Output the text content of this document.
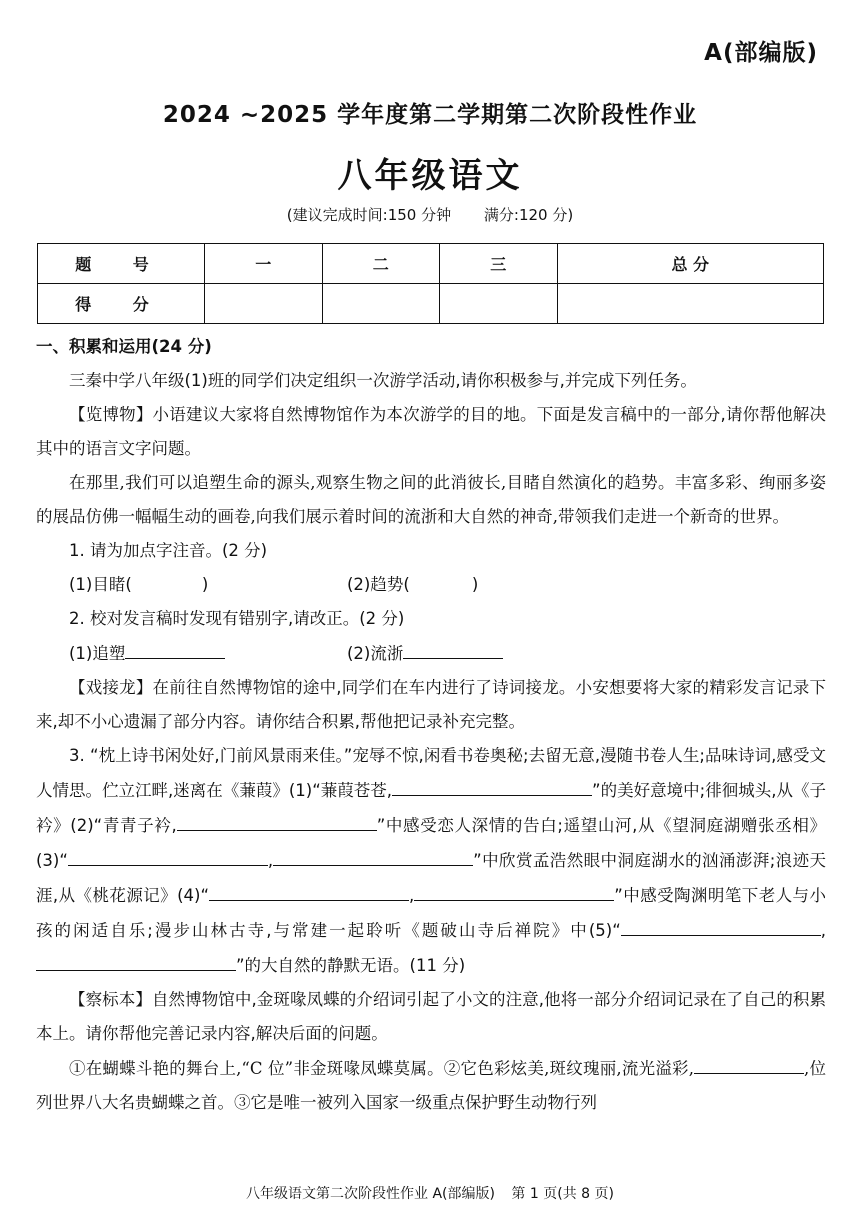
A(部编版)
2024 ~2025 学年度第二学期第二次阶段性作业
八年级语文
(建议完成时间:150 分钟 满分:120 分)
题 号	一	二	三	总 分
得 分				

一、积累和运用(24 分)

三秦中学八年级(1)班的同学们决定组织一次游学活动,请你积极参与,并完成下列任务。

【览博物】小语建议大家将自然博物馆作为本次游学的目的地。下面是发言稿中的一部分,请你帮他解决其中的语言文字问题。

在那里,我们可以追塑生命的源头,观察生物之间的此消彼长,目睹自然演化的趋势。丰富多彩、绚丽多姿的展品仿佛一幅幅生动的画卷,向我们展示着时间的流浙和大自然的神奇,带领我们走进一个新奇的世界。

1. 请为加点字注音。(2 分)

(1)目睹(	)	(2)趋势(	)

2. 校对发言稿时发现有错别字,请改正。(2 分)

(1)追塑	(2)流浙

【戏接龙】在前往自然博物馆的途中,同学们在车内进行了诗词接龙。小安想要将大家的精彩发言记录下来,却不小心遗漏了部分内容。请你结合积累,帮他把记录补充完整。

3. “枕上诗书闲处好,门前风景雨来佳。”宠辱不惊,闲看书卷奥秘;去留无意,漫随书卷人生;品味诗词,感受文人情思。伫立江畔,迷离在《蒹葭》(1)“蒹葭苍苍,	”的美好意境中;徘徊城头,从《子衿》(2)“青青子衿,	”中感受恋人深情的告白;遥望山河,从《望洞庭湖赠张丞相》(3)“	,	”中欣赏孟浩然眼中洞庭湖水的汹涌澎湃;浪迹天涯,从《桃花源记》(4)“	,	”中感受陶渊明笔下老人与小孩的闲适自乐;漫步山林古寺,与常建一起聆听《题破山寺后禅院》中(5)“	,”的大自然的静默无语。(11 分)

【察标本】自然博物馆中,金斑喙凤蝶的介绍词引起了小文的注意,他将一部分介绍词记录在了自己的积累本上。请你帮他完善记录内容,解决后面的问题。

①在蝴蝶斗艳的舞台上,“C 位”非金斑喙凤蝶莫属。②它色彩炫美,斑纹瑰丽,流光溢彩,	,位列世界八大名贵蝴蝶之首。③它是唯一被列入国家一级重点保护野生动物行列

八年级语文第二次阶段性作业 A(部编版) 第 1 页(共 8 页)
